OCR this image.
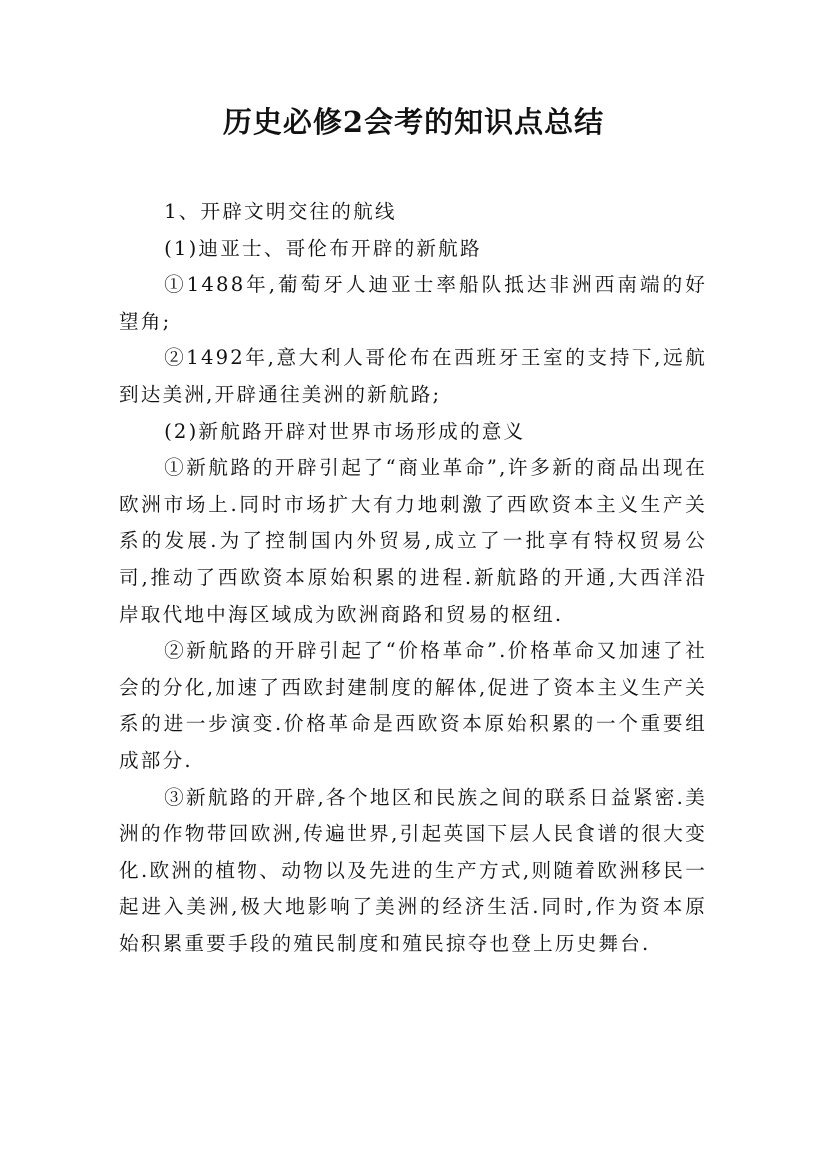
历史必修2会考的知识点总结

1、开辟文明交往的航线

(1)迪亚士、哥伦布开辟的新航路

①1488年,葡萄牙人迪亚士率船队抵达非洲西南端的好望角;

②1492年,意大利人哥伦布在西班牙王室的支持下,远航到达美洲,开辟通往美洲的新航路;

(2)新航路开辟对世界市场形成的意义

①新航路的开辟引起了“商业革命”,许多新的商品出现在欧洲市场上.同时市场扩大有力地刺激了西欧资本主义生产关系的发展.为了控制国内外贸易,成立了一批享有特权贸易公司,推动了西欧资本原始积累的进程.新航路的开通,大西洋沿岸取代地中海区域成为欧洲商路和贸易的枢纽.

②新航路的开辟引起了“价格革命”.价格革命又加速了社会的分化,加速了西欧封建制度的解体,促进了资本主义生产关系的进一步演变.价格革命是西欧资本原始积累的一个重要组成部分.

③新航路的开辟,各个地区和民族之间的联系日益紧密.美洲的作物带回欧洲,传遍世界,引起英国下层人民食谱的很大变化.欧洲的植物、动物以及先进的生产方式,则随着欧洲移民一起进入美洲,极大地影响了美洲的经济生活.同时,作为资本原始积累重要手段的殖民制度和殖民掠夺也登上历史舞台.
